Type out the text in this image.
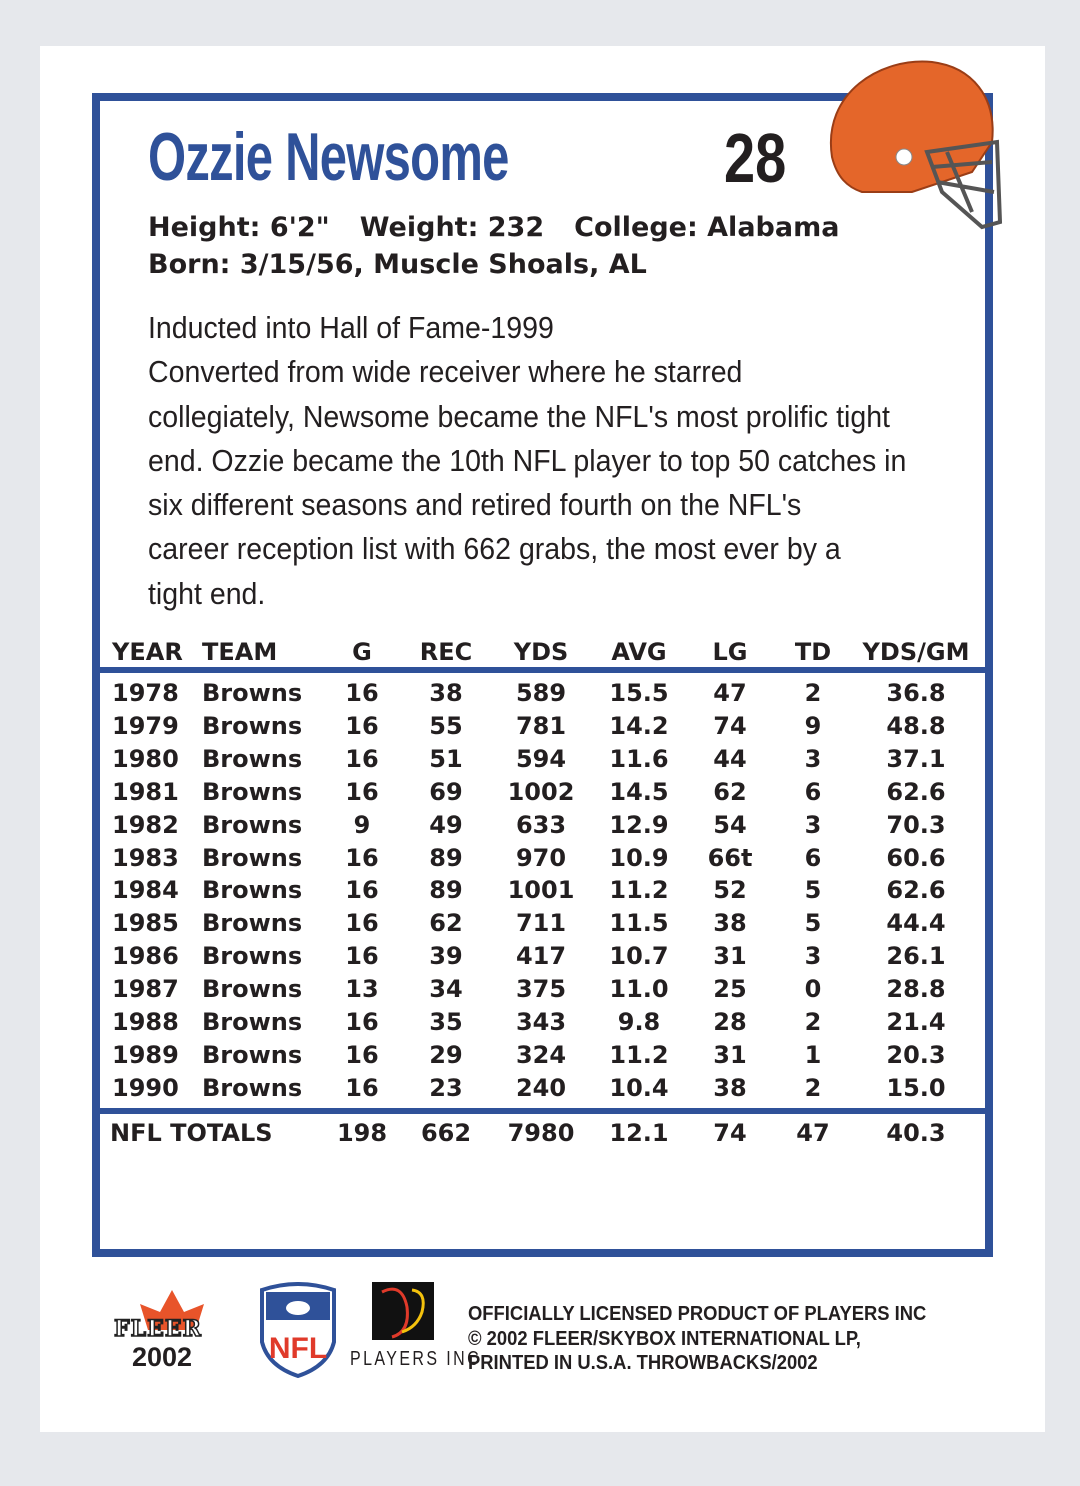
Ozzie Newsome	28
Height: 6'2" Weight: 232 College: Alabama
Born: 3/15/56, Muscle Shoals, AL
Inducted into Hall of Fame-1999
Converted from wide receiver where he starred
collegiately, Newsome became the NFL's most prolific tight
end. Ozzie became the 10th NFL player to top 50 catches in
six different seasons and retired fourth on the NFL's
career reception list with 662 grabs, the most ever by a
tight end.
YEAR TEAM	G REC YDS AVG LG TD YDS/GM
1978 Browns 16 38 589 15.5 47 2	36.8
1979 Browns 16 55 781 14.2 74 9	48.8
1980 Browns 16 51 594 11.6 44 3	37.1
1981 Browns 16 69 1002 14.5 62 6	62.6
1982 Browns 9 49 633 12.9 54 3	70.3
1983 Browns 16 89 970 10.9 66t 6	60.6
1984 Browns 16 89 1001 11.2 52 5	62.6
1985 Browns 16 62 711 11.5 38 5	44.4
1986 Browns 16 39 417 10.7 31 3	26.1
1987 Browns 13 34 375 11.0 25 0	28.8
1988 Browns 16 35 343 9.8 28 2	21.4
1989 Browns 16 29 324 11.2 31 1	20.3
1990 Browns 16 23 240 10.4 38 2	15.0
NFL TOTALS	198 662 7980 12.1 74 47 40.3
FLEER
2002	NFL PLAYERS INC
OFFICIALLY LICENSED PRODUCT OF PLAYERS INC
© 2002 FLEER/SKYBOX INTERNATIONAL LP,
PRINTED IN U.S.A. THROWBACKS/2002
